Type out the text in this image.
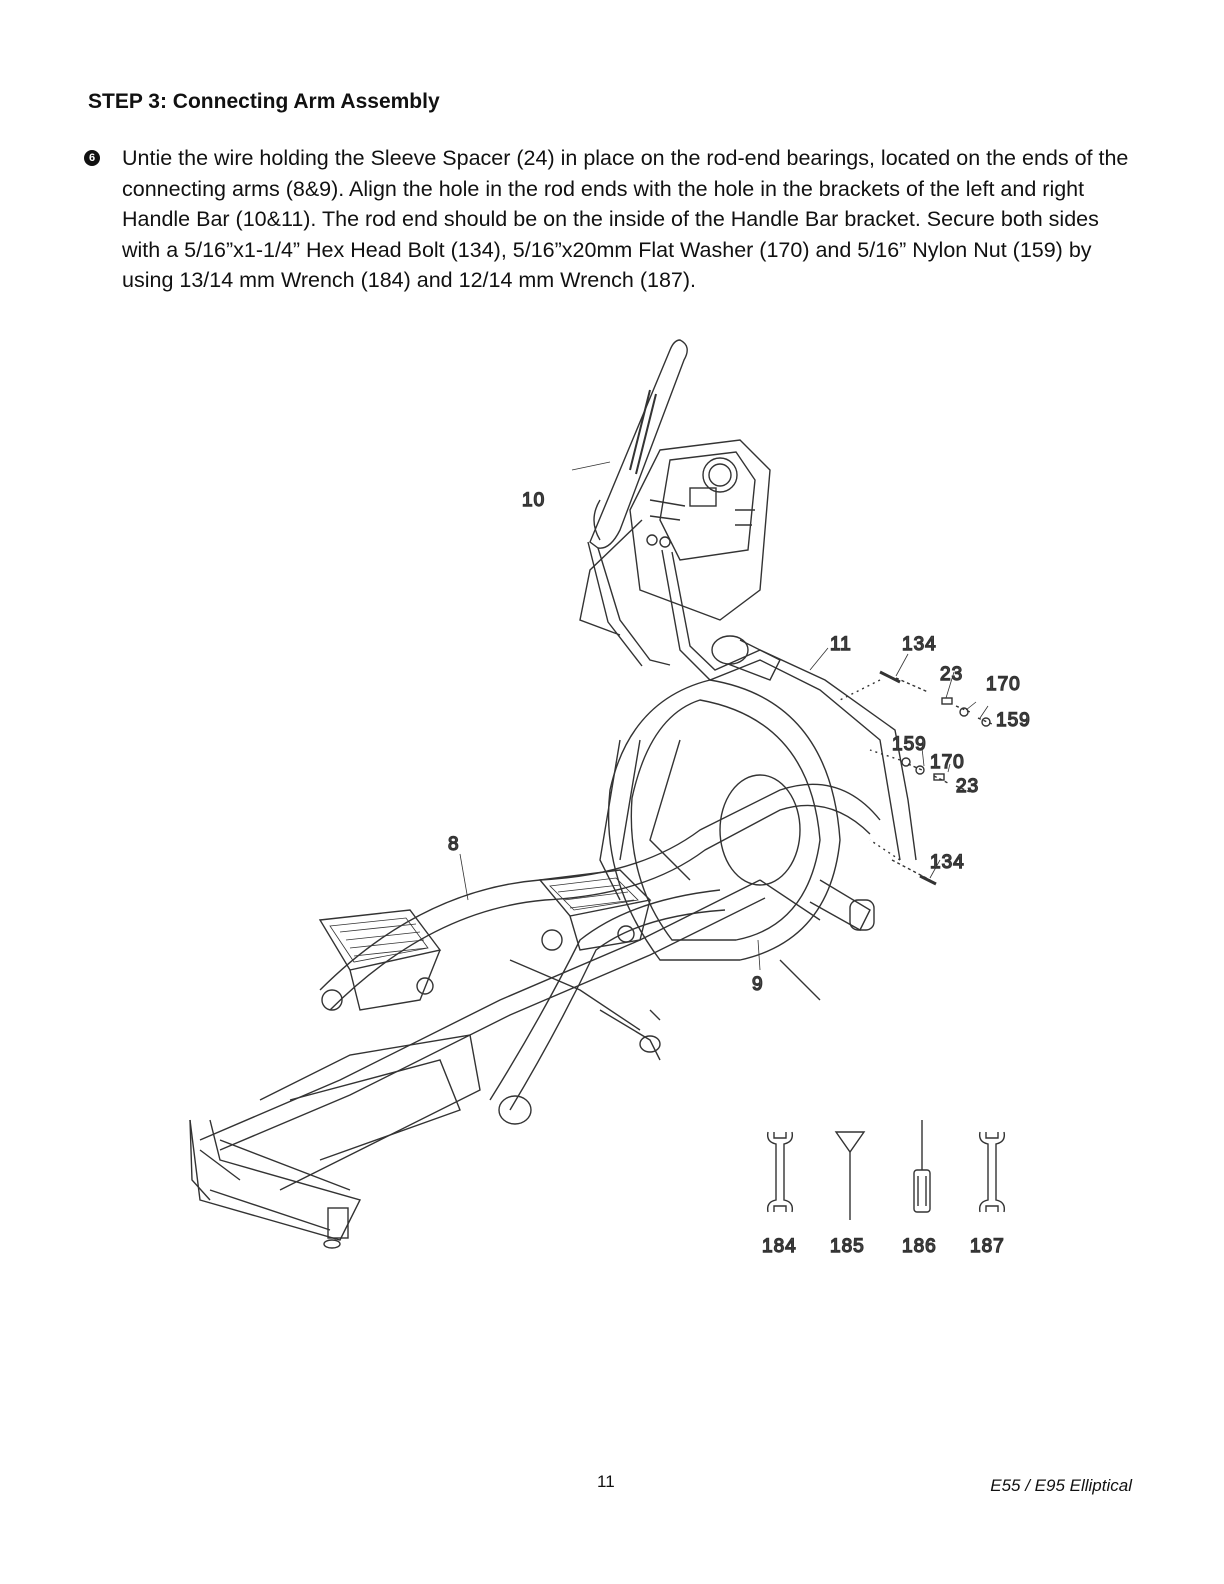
STEP 3: Connecting Arm Assembly
6 Untie the wire holding the Sleeve Spacer (24) in place on the rod-end bearings, located on the ends of the connecting arms (8&9). Align the hole in the rod ends with the hole in the brackets of the left and right Handle Bar (10&11). The rod end should be on the inside of the Handle Bar bracket. Secure both sides with a 5/16”x1-1/4” Hex Head Bolt (134), 5/16”x20mm Flat Washer (170) and 5/16” Nylon Nut (159) by using 13/14 mm Wrench (184) and 12/14 mm Wrench (187).

10
11	134
23 170
159
159
170
23
134
8
9
184 185 186 187
11	E55 / E95 Elliptical
